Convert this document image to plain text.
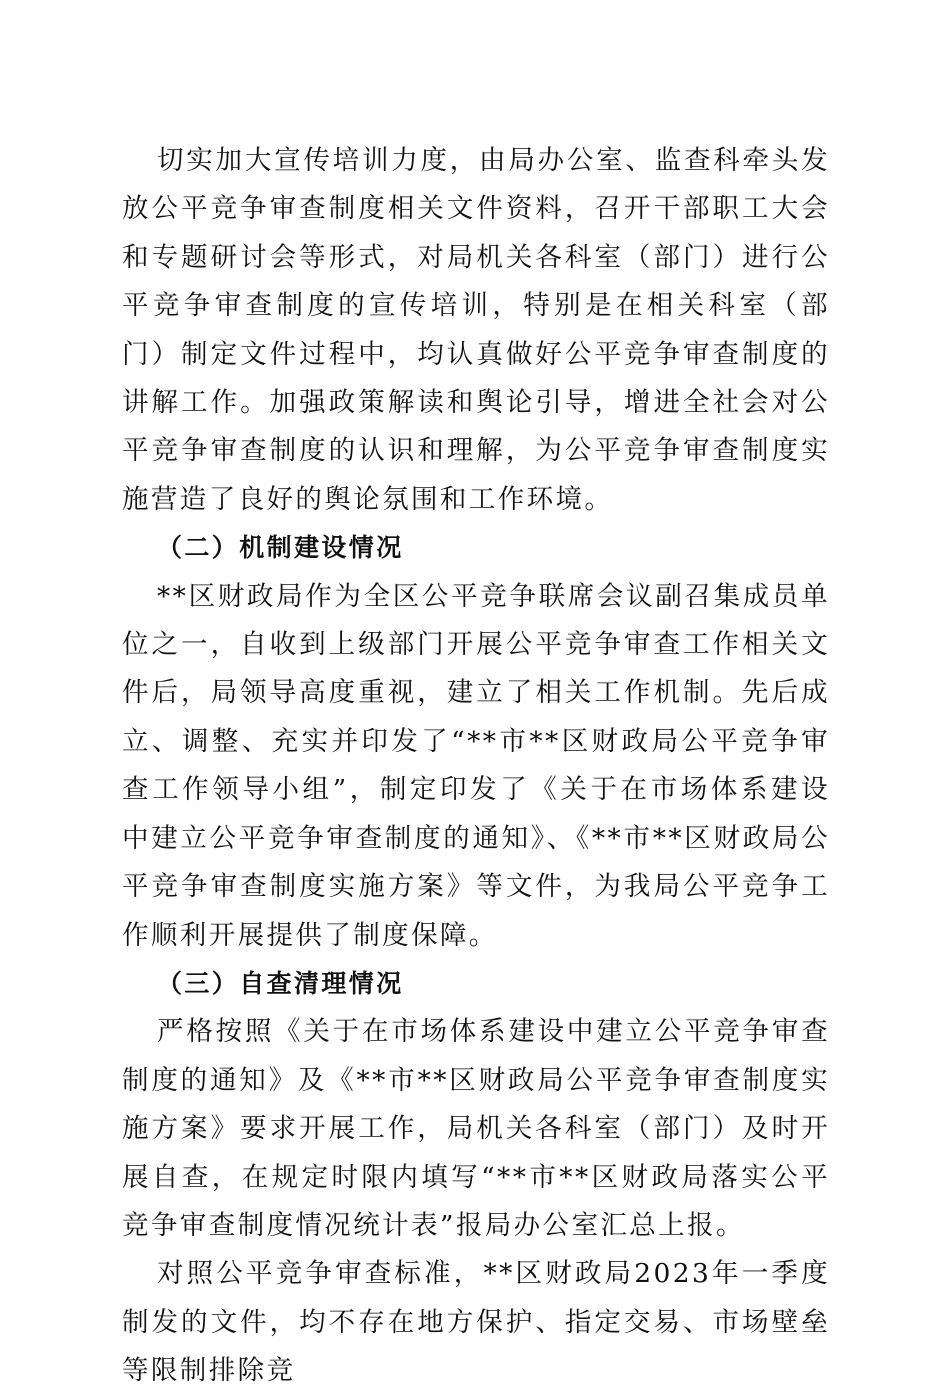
切实加大宣传培训力度，由局办公室、监查科牵头发放公平竞争审查制度相关文件资料，召开干部职工大会和专题研讨会等形式，对局机关各科室（部门）进行公平竞争审查制度的宣传培训，特别是在相关科室（部门）制定文件过程中，均认真做好公平竞争审查制度的讲解工作。加强政策解读和舆论引导，增进全社会对公平竞争审查制度的认识和理解，为公平竞争审查制度实施营造了良好的舆论氛围和工作环境。

（二）机制建设情况

**区财政局作为全区公平竞争联席会议副召集成员单位之一，自收到上级部门开展公平竞争审查工作相关文件后，局领导高度重视，建立了相关工作机制。先后成立、调整、充实并印发了“**市**区财政局公平竞争审查工作领导小组”，制定印发了《关于在市场体系建设中建立公平竞争审查制度的通知》、《**市**区财政局公平竞争审查制度实施方案》等文件，为我局公平竞争工作顺利开展提供了制度保障。

（三）自查清理情况

严格按照《关于在市场体系建设中建立公平竞争审查制度的通知》及《**市**区财政局公平竞争审查制度实施方案》要求开展工作，局机关各科室（部门）及时开展自查，在规定时限内填写“**市**区财政局落实公平竞争审查制度情况统计表”报局办公室汇总上报。

对照公平竞争审查标准，**区财政局2023年一季度制发的文件，均不存在地方保护、指定交易、市场壁垒等限制排除竞
